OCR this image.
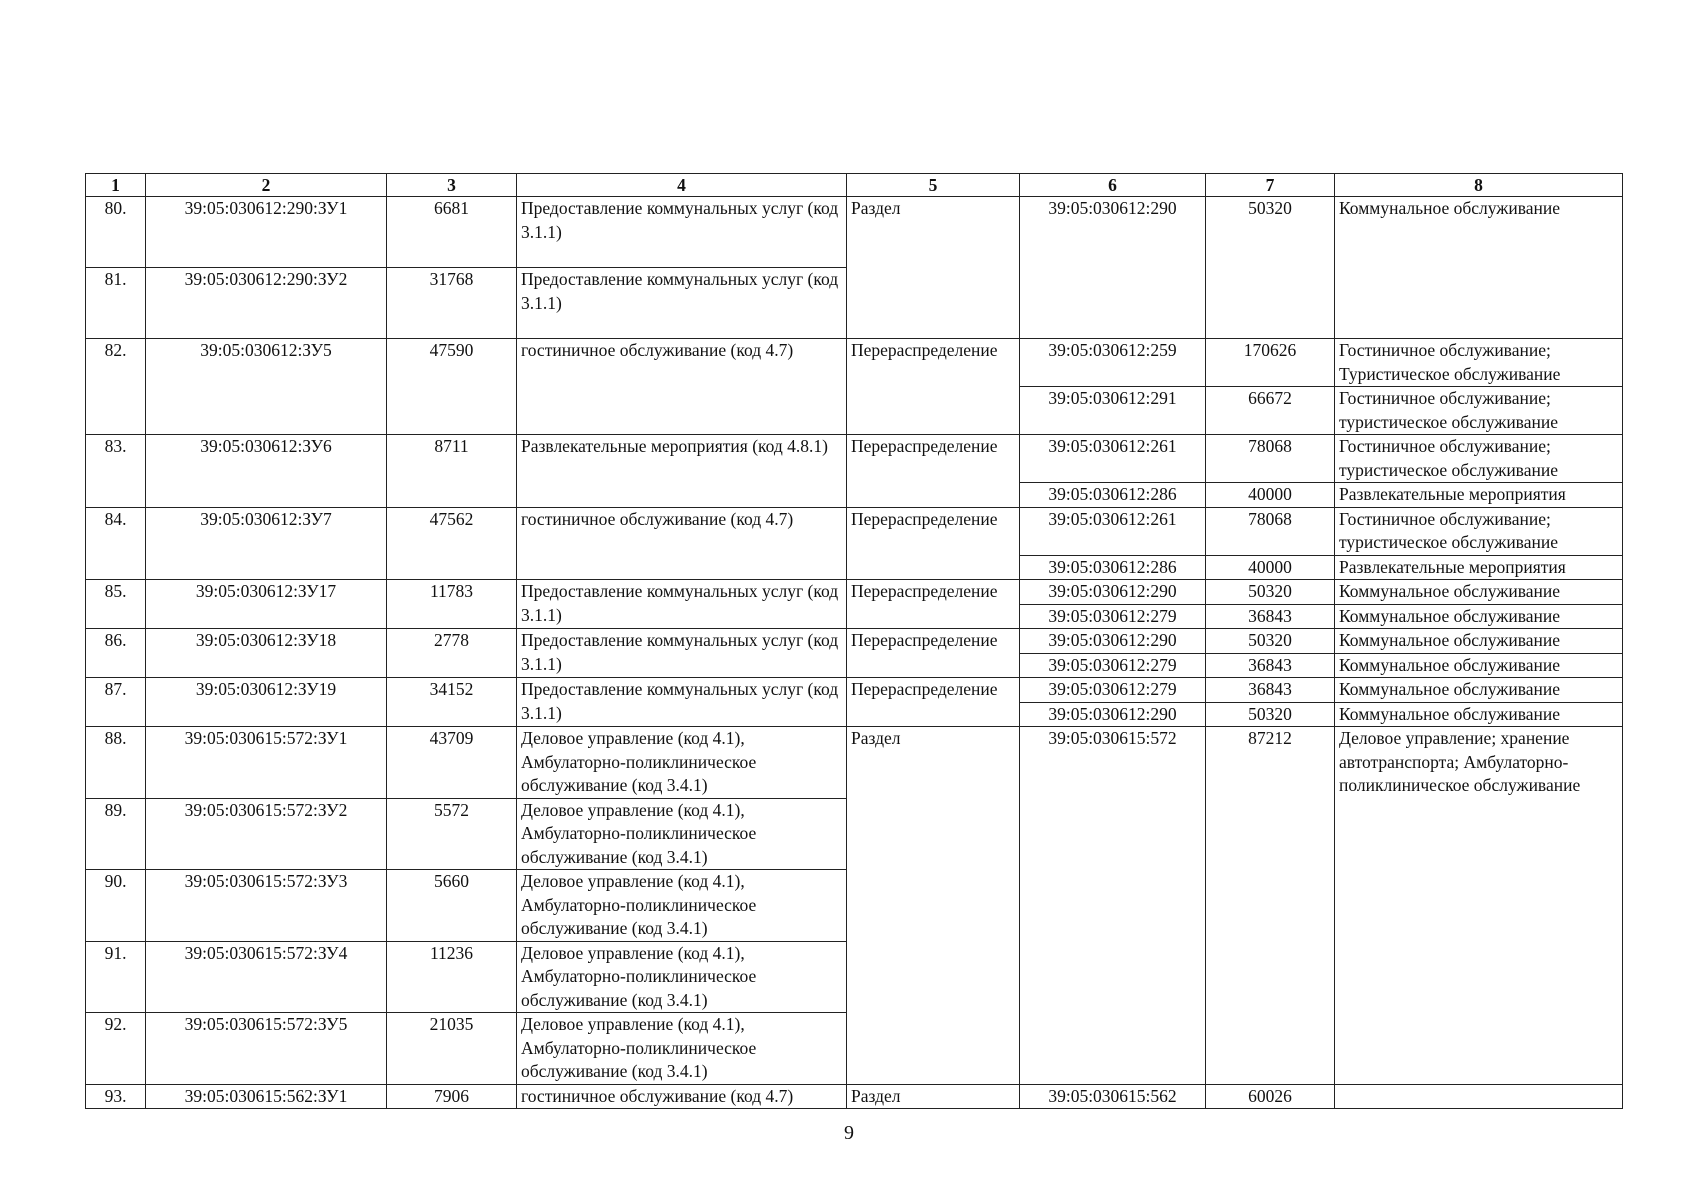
1	2	3	4	5	6	7	8
80.	39:05:030612:290:ЗУ1	6681	Предоставление коммунальных услуг (код 3.1.1)	Раздел	39:05:030612:290	50320	Коммунальное обслуживание
81.	39:05:030612:290:ЗУ2	31768	Предоставление коммунальных услуг (код 3.1.1)				
82.	39:05:030612:ЗУ5	47590	гостиничное обслуживание (код 4.7)	Перераспределение	39:05:030612:259	170626	Гостиничное обслуживание; Туристическое обслуживание
					39:05:030612:291	66672	Гостиничное обслуживание; туристическое обслуживание
83.	39:05:030612:ЗУ6	8711	Развлекательные мероприятия (код 4.8.1)	Перераспределение	39:05:030612:261	78068	Гостиничное обслуживание; туристическое обслуживание
					39:05:030612:286	40000	Развлекательные мероприятия
84.	39:05:030612:ЗУ7	47562	гостиничное обслуживание (код 4.7)	Перераспределение	39:05:030612:261	78068	Гостиничное обслуживание; туристическое обслуживание
					39:05:030612:286	40000	Развлекательные мероприятия
85.	39:05:030612:ЗУ17	11783	Предоставление коммунальных услуг (код 3.1.1)	Перераспределение	39:05:030612:290	50320	Коммунальное обслуживание
					39:05:030612:279	36843	Коммунальное обслуживание
86.	39:05:030612:ЗУ18	2778	Предоставление коммунальных услуг (код 3.1.1)	Перераспределение	39:05:030612:290	50320	Коммунальное обслуживание
					39:05:030612:279	36843	Коммунальное обслуживание
87.	39:05:030612:ЗУ19	34152	Предоставление коммунальных услуг (код 3.1.1)	Перераспределение	39:05:030612:279	36843	Коммунальное обслуживание
					39:05:030612:290	50320	Коммунальное обслуживание
88.	39:05:030615:572:ЗУ1	43709	Деловое управление (код 4.1), Амбулаторно-поликлиническое обслуживание (код 3.4.1)	Раздел	39:05:030615:572	87212	Деловое управление; хранение автотранспорта; Амбулаторно-поликлиническое обслуживание
89.	39:05:030615:572:ЗУ2	5572	Деловое управление (код 4.1), Амбулаторно-поликлиническое обслуживание (код 3.4.1)				
90.	39:05:030615:572:ЗУ3	5660	Деловое управление (код 4.1), Амбулаторно-поликлиническое обслуживание (код 3.4.1)				
91.	39:05:030615:572:ЗУ4	11236	Деловое управление (код 4.1), Амбулаторно-поликлиническое обслуживание (код 3.4.1)				
92.	39:05:030615:572:ЗУ5	21035	Деловое управление (код 4.1), Амбулаторно-поликлиническое обслуживание (код 3.4.1)				
93.	39:05:030615:562:ЗУ1	7906	гостиничное обслуживание (код 4.7)	Раздел	39:05:030615:562	60026	
9
